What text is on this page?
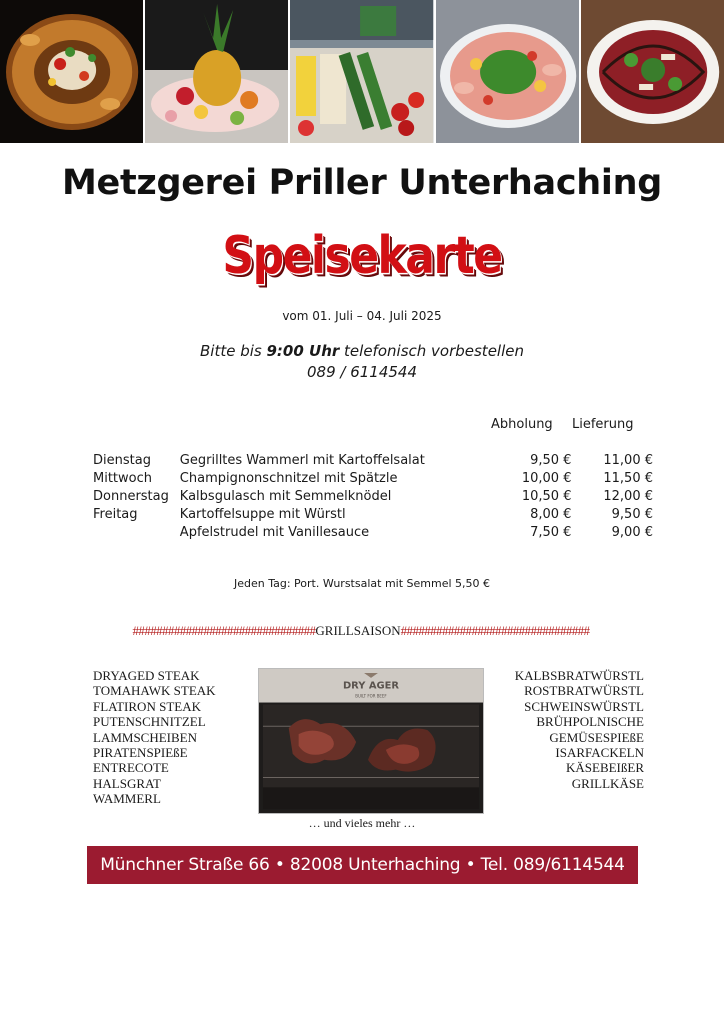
Metzgerei Priller Unterhaching
Speisekarte
vom 01. Juli – 04. Juli 2025
Bitte bis 9:00 Uhr telefonisch vorbestellen
089 / 6114544
Abholung Lieferung
Dienstag	Gegrilltes Wammerl mit Kartoffelsalat	9,50 €	11,00 €
Mittwoch	Champignonschnitzel mit Spätzle	10,00 €	11,50 €
Donnerstag	Kalbsgulasch mit Semmelknödel	10,50 €	12,00 €
Freitag	Kartoffelsuppe mit Würstl	8,00 €	9,50 €
	Apfelstrudel mit Vanillesauce	7,50 €	9,00 €
Jeden Tag: Port. Wurstsalat mit Semmel 5,50 €
###############################GRILLSAISON################################
DRYAGED STEAK
TOMAHAWK STEAK
FLATIRON STEAK
PUTENSCHNITZEL
LAMMSCHEIBEN
PIRATENSPIEßE
ENTRECOTE
HALSGRAT
WAMMERL
DRY AGER
BUILT FOR BEEF
KALBSBRATWÜRSTL
ROSTBRATWÜRSTL
SCHWEINSWÜRSTL
BRÜHPOLNISCHE
GEMÜSESPIEßE
ISARFACKELN
KÄSEBEIßER
GRILLKÄSE
… und vieles mehr …
Münchner Straße 66 • 82008 Unterhaching • Tel. 089/6114544
